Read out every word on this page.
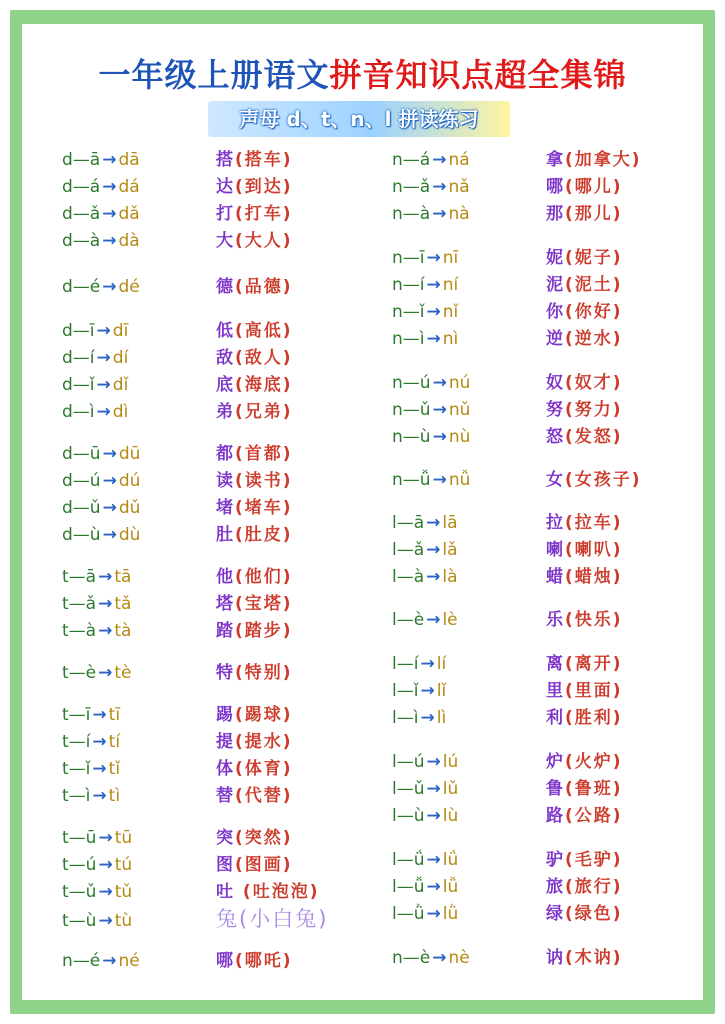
一年级上册语文拼音知识点超全集锦
声母 d、t、n、l 拼读练习
d—ā → dā	搭(搭车)
d—á → dá	达(到达)
d—ǎ → dǎ	打(打车)
d—à → dà	大(大人)
d—é → dé	德(品德)
d—ī → dī	低(高低)
d—í → dí	敌(敌人)
d—ǐ → dǐ	底(海底)
d—ì → dì	弟(兄弟)
d—ū → dū	都(首都)
d—ú → dú	读(读书)
d—ǔ → dǔ	堵(堵车)
d—ù → dù	肚(肚皮)
t—ā → tā	他(他们)
t—ǎ → tǎ	塔(宝塔)
t—à → tà	踏(踏步)
t—è → tè	特(特别)
t—ī → tī	踢(踢球)
t—í → tí	提(提水)
t—ǐ → tǐ	体(体育)
t—ì → tì	替(代替)
t—ū → tū	突(突然)
t—ú → tú	图(图画)
t—ǔ → tǔ	吐 (吐泡泡)
t—ù → tù	兔(小白兔)
n—é → né	哪(哪吒)
n—á → ná	拿(加拿大)
n—ǎ → nǎ	哪(哪儿)
n—à → nà	那(那儿)
n—ī → nī	妮(妮子)
n—í → ní	泥(泥土)
n—ǐ → nǐ	你(你好)
n—ì → nì	逆(逆水)
n—ú → nú	奴(奴才)
n—ǔ → nǔ	努(努力)
n—ù → nù	怒(发怒)
n—ǚ → nǚ	女(女孩子)
l—ā → lā	拉(拉车)
l—ǎ → lǎ	喇(喇叭)
l—à → là	蜡(蜡烛)
l—è → lè	乐(快乐)
l—í → lí	离(离开)
l—ǐ → lǐ	里(里面)
l—ì → lì	利(胜利)
l—ú → lú	炉(火炉)
l—ǔ → lǔ	鲁(鲁班)
l—ù → lù	路(公路)
l—ǘ → lǘ	驴(毛驴)
l—ǚ → lǚ	旅(旅行)
l—ǜ → lǜ	绿(绿色)
n—è → nè	讷(木讷)
